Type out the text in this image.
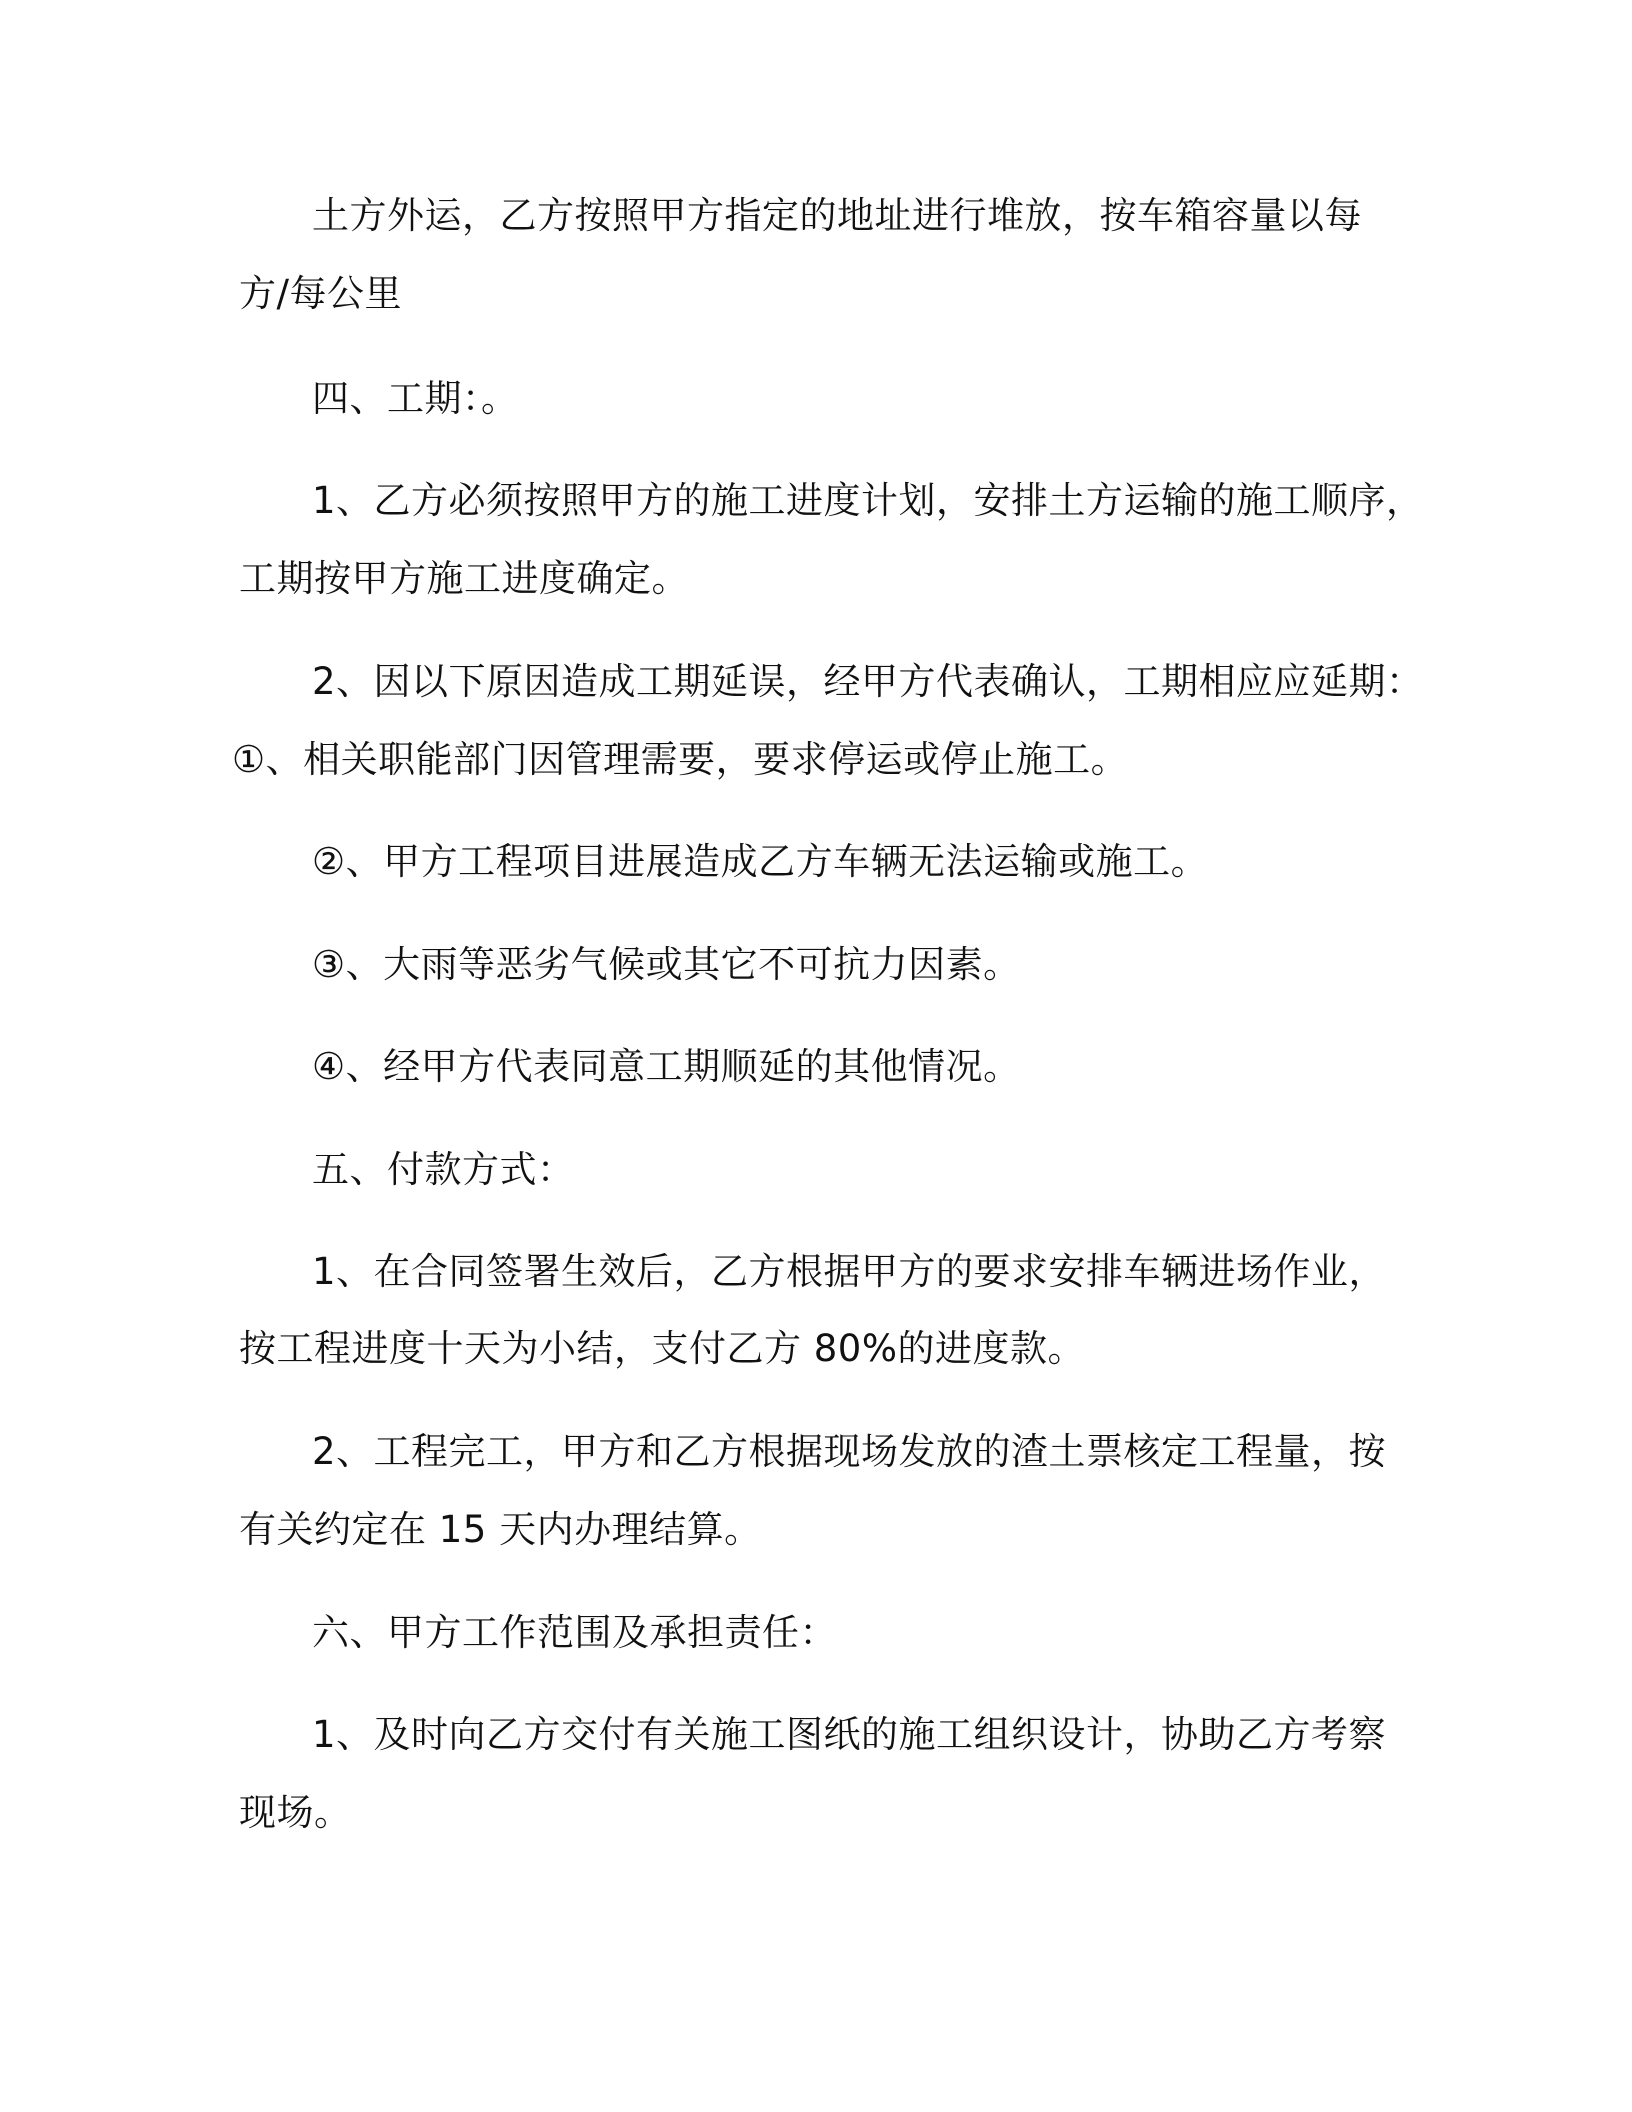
土方外运，乙方按照甲方指定的地址进行堆放，按车箱容量以每

方/每公里

四、工期：。

1、乙方必须按照甲方的施工进度计划，安排土方运输的施工顺序，

工期按甲方施工进度确定。

2、因以下原因造成工期延误，经甲方代表确认，工期相应应延期：

①、相关职能部门因管理需要，要求停运或停止施工。

②、甲方工程项目进展造成乙方车辆无法运输或施工。

③、大雨等恶劣气候或其它不可抗力因素。

④、经甲方代表同意工期顺延的其他情况。

五、付款方式：

1、在合同签署生效后，乙方根据甲方的要求安排车辆进场作业，

按工程进度十天为小结，支付乙方 80%的进度款。

2、工程完工，甲方和乙方根据现场发放的渣土票核定工程量，按

有关约定在 15 天内办理结算。

六、甲方工作范围及承担责任：

1、及时向乙方交付有关施工图纸的施工组织设计，协助乙方考察

现场。
